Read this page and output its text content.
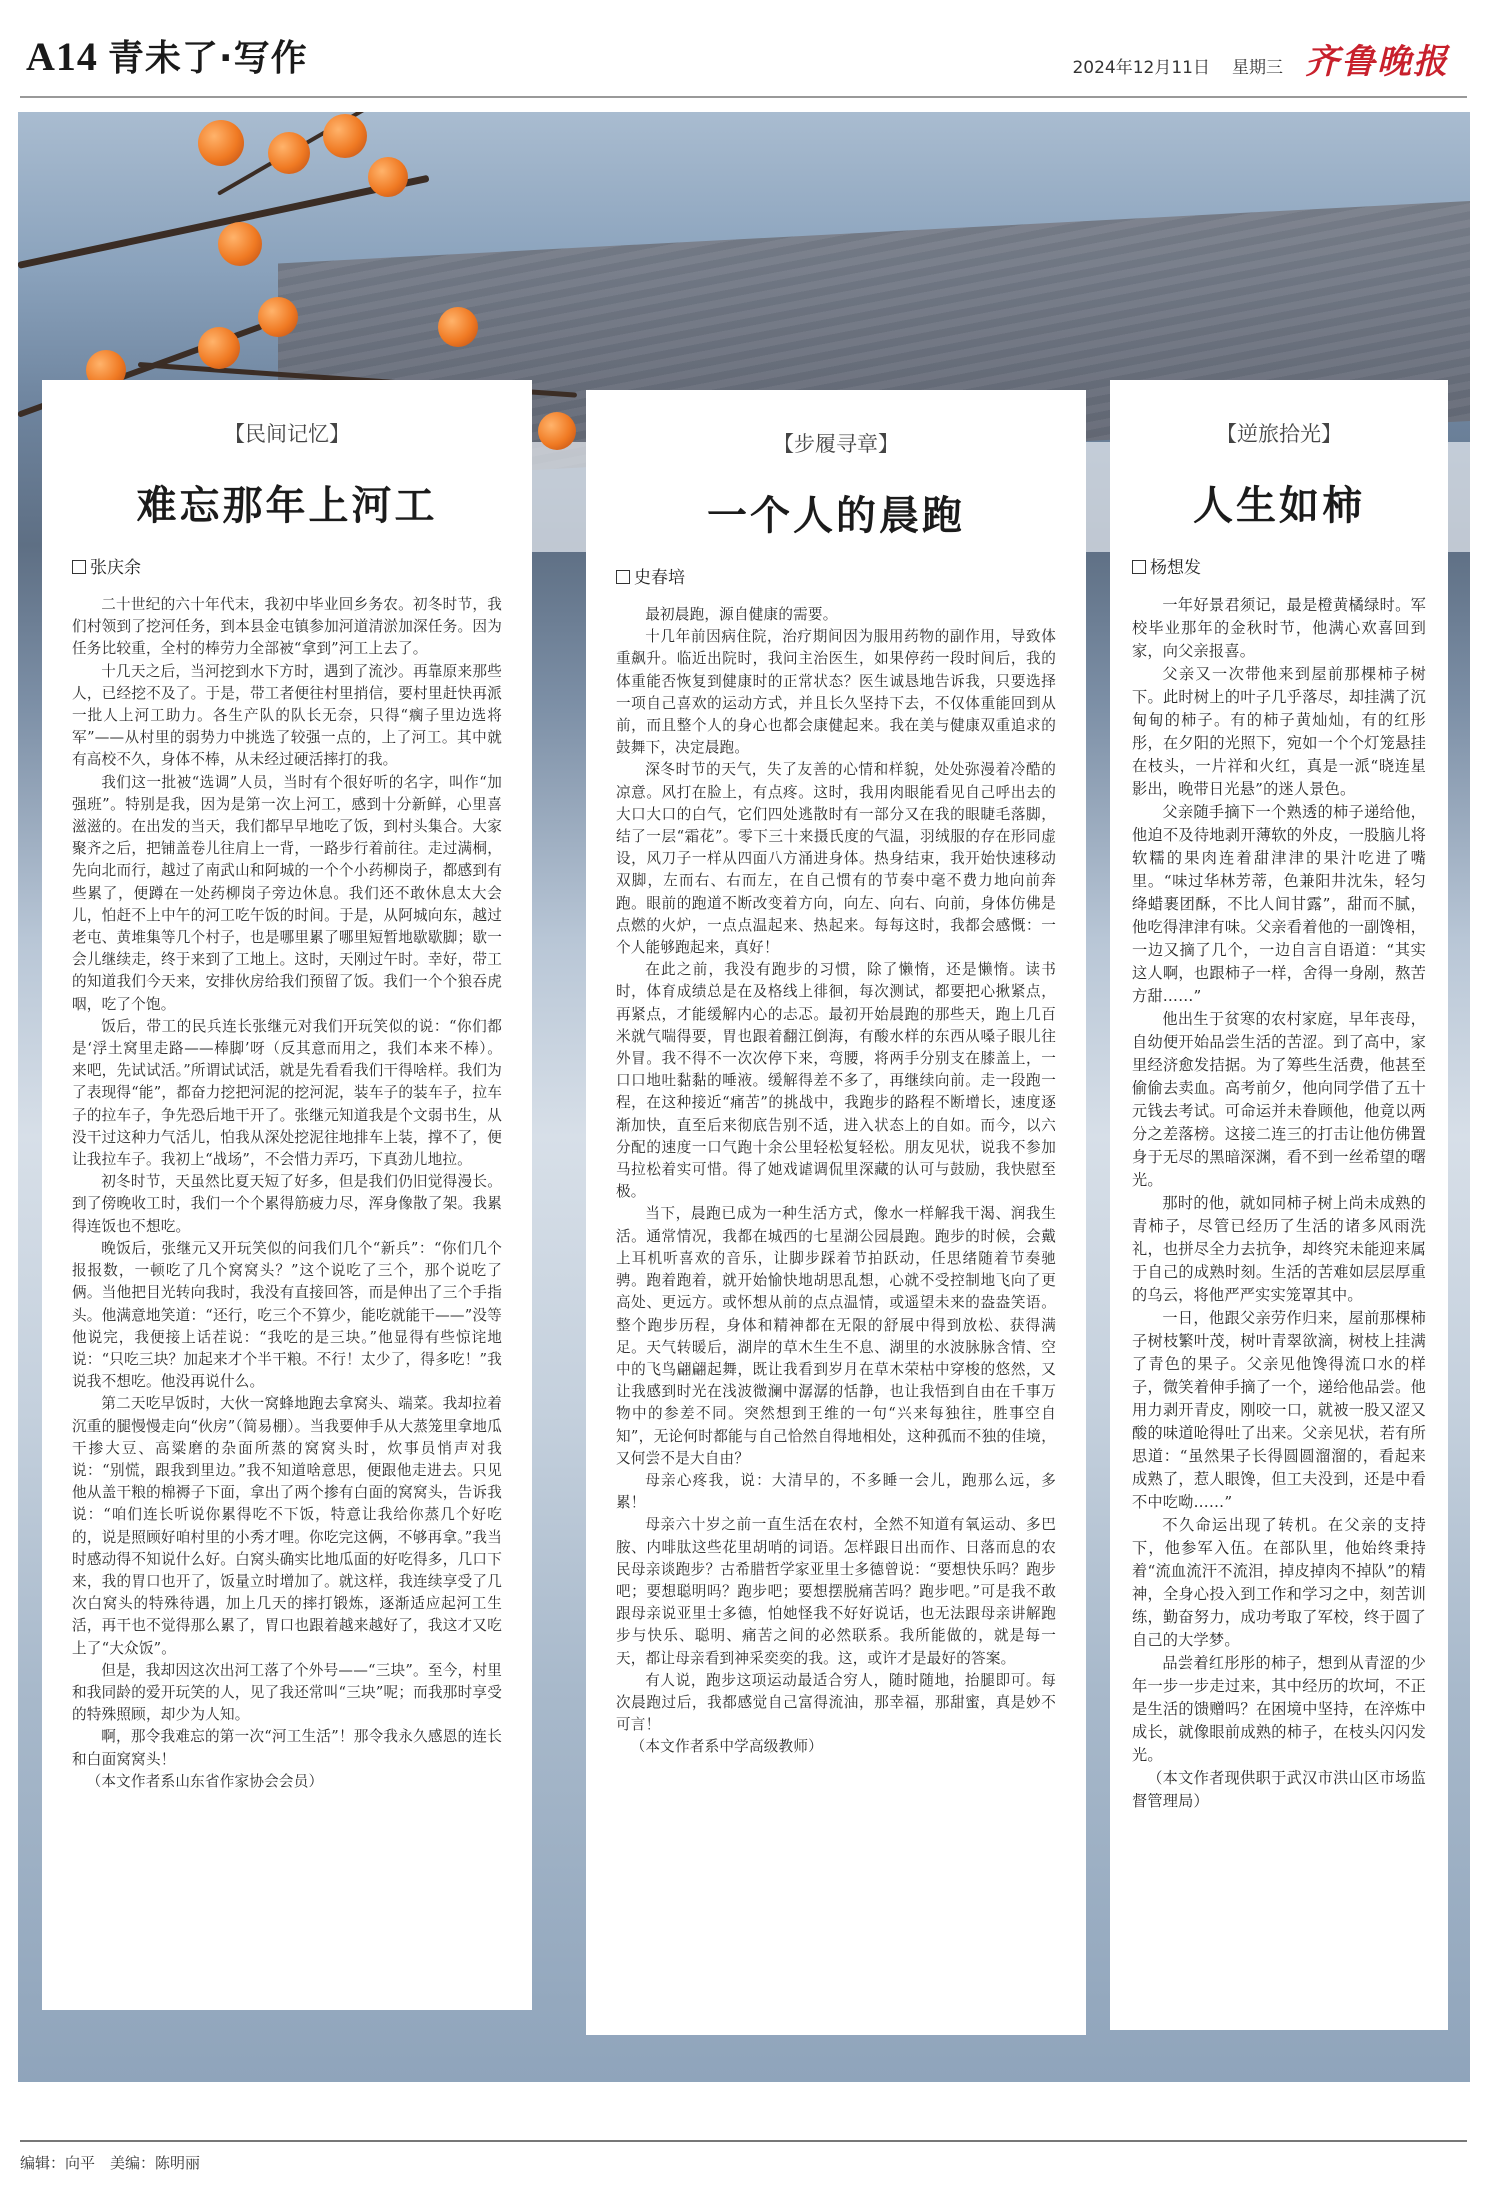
A14 青未了·写作	2024年12月11日 星期三 齐鲁晚报
【民间记忆】
难忘那年上河工
张庆余

二十世纪的六十年代末，我初中毕业回乡务农。初冬时节，我们村领到了挖河任务，到本县金屯镇参加河道清淤加深任务。因为任务比较重，全村的棒劳力全部被“拿到”河工上去了。

十几天之后，当河挖到水下方时，遇到了流沙。再靠原来那些人，已经挖不及了。于是，带工者便往村里捎信，要村里赶快再派一批人上河工助力。各生产队的队长无奈，只得“瘸子里边选将军”——从村里的弱势力中挑选了较强一点的，上了河工。其中就有高校不久，身体不棒，从未经过硬活摔打的我。

我们这一批被“选调”人员，当时有个很好听的名字，叫作“加强班”。特别是我，因为是第一次上河工，感到十分新鲜，心里喜滋滋的。在出发的当天，我们都早早地吃了饭，到村头集合。大家聚齐之后，把铺盖卷儿往肩上一背，一路步行着前往。走过满桐，先向北而行，越过了南武山和阿城的一个个小药柳岗子，都感到有些累了，便蹲在一处药柳岗子旁边休息。我们还不敢休息太大会儿，怕赶不上中午的河工吃午饭的时间。于是，从阿城向东，越过老屯、黄堆集等几个村子，也是哪里累了哪里短暂地歇歇脚；歇一会儿继续走，终于来到了工地上。这时，天刚过午时。幸好，带工的知道我们今天来，安排伙房给我们预留了饭。我们一个个狼吞虎咽，吃了个饱。

饭后，带工的民兵连长张继元对我们开玩笑似的说：“你们都是‘浮土窝里走路——棒脚’呀（反其意而用之，我们本来不棒）。来吧，先试试活。”所谓试试活，就是先看看我们干得啥样。我们为了表现得“能”，都奋力挖把河泥的挖河泥，装车子的装车子，拉车子的拉车子，争先恐后地干开了。张继元知道我是个文弱书生，从没干过这种力气活儿，怕我从深处挖泥往地排车上装，撑不了，便让我拉车子。我初上“战场”，不会惜力弄巧，下真劲儿地拉。

初冬时节，天虽然比夏天短了好多，但是我们仍旧觉得漫长。到了傍晚收工时，我们一个个累得筋疲力尽，浑身像散了架。我累得连饭也不想吃。

晚饭后，张继元又开玩笑似的问我们几个“新兵”：“你们几个报报数，一顿吃了几个窝窝头？”这个说吃了三个，那个说吃了俩。当他把目光转向我时，我没有直接回答，而是伸出了三个手指头。他满意地笑道：“还行，吃三个不算少，能吃就能干——”没等他说完，我便接上话茬说：“我吃的是三块。”他显得有些惊诧地说：“只吃三块？加起来才个半干粮。不行！太少了，得多吃！”我说我不想吃。他没再说什么。

第二天吃早饭时，大伙一窝蜂地跑去拿窝头、端菜。我却拉着沉重的腿慢慢走向“伙房”（简易棚）。当我要伸手从大蒸笼里拿地瓜干掺大豆、高粱磨的杂面所蒸的窝窝头时，炊事员悄声对我说：“别慌，跟我到里边。”我不知道啥意思，便跟他走进去。只见他从盖干粮的棉褥子下面，拿出了两个掺有白面的窝窝头，告诉我说：“咱们连长听说你累得吃不下饭，特意让我给你蒸几个好吃的，说是照顾好咱村里的小秀才哩。你吃完这俩，不够再拿。”我当时感动得不知说什么好。白窝头确实比地瓜面的好吃得多，几口下来，我的胃口也开了，饭量立时增加了。就这样，我连续享受了几次白窝头的特殊待遇，加上几天的摔打锻炼，逐渐适应起河工生活，再干也不觉得那么累了，胃口也跟着越来越好了，我这才又吃上了“大众饭”。

但是，我却因这次出河工落了个外号——“三块”。至今，村里和我同龄的爱开玩笑的人，见了我还常叫“三块”呢；而我那时享受的特殊照顾，却少为人知。

啊，那令我难忘的第一次“河工生活”！那令我永久感恩的连长和白面窝窝头！

（本文作者系山东省作家协会会员）

【步履寻章】
一个人的晨跑
史春培

最初晨跑，源自健康的需要。

十几年前因病住院，治疗期间因为服用药物的副作用，导致体重飙升。临近出院时，我问主治医生，如果停药一段时间后，我的体重能否恢复到健康时的正常状态？医生诚恳地告诉我，只要选择一项自己喜欢的运动方式，并且长久坚持下去，不仅体重能回到从前，而且整个人的身心也都会康健起来。我在美与健康双重追求的鼓舞下，决定晨跑。

深冬时节的天气，失了友善的心情和样貌，处处弥漫着冷酷的凉意。风打在脸上，有点疼。这时，我用肉眼能看见自己呼出去的大口大口的白气，它们四处逃散时有一部分又在我的眼睫毛落脚，结了一层“霜花”。零下三十来摄氏度的气温，羽绒服的存在形同虚设，风刀子一样从四面八方涌进身体。热身结束，我开始快速移动双脚，左而右、右而左，在自己惯有的节奏中毫不费力地向前奔跑。眼前的跑道不断改变着方向，向左、向右、向前，身体仿佛是点燃的火炉，一点点温起来、热起来。每每这时，我都会感慨：一个人能够跑起来，真好！

在此之前，我没有跑步的习惯，除了懒惰，还是懒惰。读书时，体育成绩总是在及格线上徘徊，每次测试，都要把心揪紧点，再紧点，才能缓解内心的忐忑。最初开始晨跑的那些天，跑上几百米就气喘得要，胃也跟着翻江倒海，有酸水样的东西从嗓子眼儿往外冒。我不得不一次次停下来，弯腰，将两手分别支在膝盖上，一口口地吐黏黏的唾液。缓解得差不多了，再继续向前。走一段跑一程，在这种接近“痛苦”的挑战中，我跑步的路程不断增长，速度逐渐加快，直至后来彻底告别不适，进入状态上的自如。而今，以六分配的速度一口气跑十余公里轻松复轻松。朋友见状，说我不参加马拉松着实可惜。得了她戏谑调侃里深藏的认可与鼓励，我快慰至极。

当下，晨跑已成为一种生活方式，像水一样解我干渴、润我生活。通常情况，我都在城西的七星湖公园晨跑。跑步的时候，会戴上耳机听喜欢的音乐，让脚步踩着节拍跃动，任思绪随着节奏驰骋。跑着跑着，就开始愉快地胡思乱想，心就不受控制地飞向了更高处、更远方。或怀想从前的点点温情，或遥望未来的盎盎笑语。整个跑步历程，身体和精神都在无限的舒展中得到放松、获得满足。天气转暖后，湖岸的草木生生不息、湖里的水波脉脉含情、空中的飞鸟翩翩起舞，既让我看到岁月在草木荣枯中穿梭的悠然，又让我感到时光在浅波微澜中潺潺的恬静，也让我悟到自由在千事万物中的参差不同。突然想到王维的一句“兴来每独往，胜事空自知”，无论何时都能与自己恰然自得地相处，这种孤而不独的佳境，又何尝不是大自由？

母亲心疼我，说：大清早的，不多睡一会儿，跑那么远，多累！

母亲六十岁之前一直生活在农村，全然不知道有氧运动、多巴胺、内啡肽这些花里胡哨的词语。怎样跟日出而作、日落而息的农民母亲谈跑步？古希腊哲学家亚里士多德曾说：“要想快乐吗？跑步吧；要想聪明吗？跑步吧；要想摆脱痛苦吗？跑步吧。”可是我不敢跟母亲说亚里士多德，怕她怪我不好好说话，也无法跟母亲讲解跑步与快乐、聪明、痛苦之间的必然联系。我所能做的，就是每一天，都让母亲看到神采奕奕的我。这，或许才是最好的答案。

有人说，跑步这项运动最适合穷人，随时随地，抬腿即可。每次晨跑过后，我都感觉自己富得流油，那幸福，那甜蜜，真是妙不可言！

（本文作者系中学高级教师）

【逆旅拾光】
人生如柿
杨想发

一年好景君须记，最是橙黄橘绿时。军校毕业那年的金秋时节，他满心欢喜回到家，向父亲报喜。

父亲又一次带他来到屋前那棵柿子树下。此时树上的叶子几乎落尽，却挂满了沉甸甸的柿子。有的柿子黄灿灿，有的红彤彤，在夕阳的光照下，宛如一个个灯笼悬挂在枝头，一片祥和火红，真是一派“晓连星影出，晚带日光悬”的迷人景色。

父亲随手摘下一个熟透的柿子递给他，他迫不及待地剥开薄软的外皮，一股脑儿将软糯的果肉连着甜津津的果汁吃进了嘴里。“味过华林芳蒂，色兼阳井沈朱，轻匀绛蜡裹团酥，不比人间甘露”，甜而不腻，他吃得津津有味。父亲看着他的一副馋相，一边又摘了几个，一边自言自语道：“其实这人啊，也跟柿子一样，舍得一身剐，熬苦方甜……”

他出生于贫寒的农村家庭，早年丧母，自幼便开始品尝生活的苦涩。到了高中，家里经济愈发拮据。为了筹些生活费，他甚至偷偷去卖血。高考前夕，他向同学借了五十元钱去考试。可命运并未眷顾他，他竟以两分之差落榜。这接二连三的打击让他仿佛置身于无尽的黑暗深渊，看不到一丝希望的曙光。

那时的他，就如同柿子树上尚未成熟的青柿子，尽管已经历了生活的诸多风雨洗礼，也拼尽全力去抗争，却终究未能迎来属于自己的成熟时刻。生活的苦难如层层厚重的乌云，将他严严实实笼罩其中。

一日，他跟父亲劳作归来，屋前那棵柿子树枝繁叶茂，树叶青翠欲滴，树枝上挂满了青色的果子。父亲见他馋得流口水的样子，微笑着伸手摘了一个，递给他品尝。他用力剥开青皮，刚咬一口，就被一股又涩又酸的味道呛得吐了出来。父亲见状，若有所思道：“虽然果子长得圆圆溜溜的，看起来成熟了，惹人眼馋，但工夫没到，还是中看不中吃呦……”

不久命运出现了转机。在父亲的支持下，他参军入伍。在部队里，他始终秉持着“流血流汗不流泪，掉皮掉肉不掉队”的精神，全身心投入到工作和学习之中，刻苦训练，勤奋努力，成功考取了军校，终于圆了自己的大学梦。

品尝着红彤彤的柿子，想到从青涩的少年一步一步走过来，其中经历的坎坷，不正是生活的馈赠吗？在困境中坚持，在淬炼中成长，就像眼前成熟的柿子，在枝头闪闪发光。

（本文作者现供职于武汉市洪山区市场监督管理局）

编辑：向平　美编：陈明丽
